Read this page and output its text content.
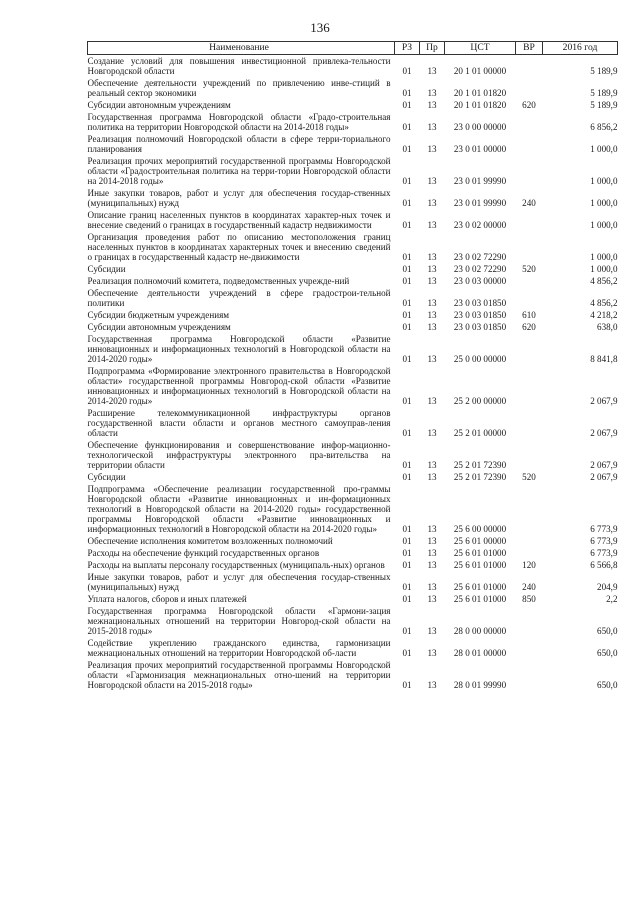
136
Наименование	РЗ	Пр	ЦСТ	ВР	2016 год

Создание условий для повышения инвестиционной привлека-тельности Новгородской области	01	13	20 1 01 00000		5 189,9

Обеспечение деятельности учреждений по привлечению инве-стиций в реальный сектор экономики	01	13	20 1 01 01820		5 189,9

Субсидии автономным учреждениям	01	13	20 1 01 01820	620	5 189,9

Государственная программа Новгородской области «Градо-строительная политика на территории Новгородской области на 2014-2018 годы»	01	13	23 0 00 00000		6 856,2

Реализация полномочий Новгородской области в сфере терри-ториального планирования	01	13	23 0 01 00000		1 000,0

Реализация прочих мероприятий государственной программы Новгородской области «Градостроительная политика на терри-тории Новгородской области на 2014-2018 годы»	01	13	23 0 01 99990		1 000,0

Иные закупки товаров, работ и услуг для обеспечения государ-ственных (муниципальных) нужд	01	13	23 0 01 99990	240	1 000,0

Описание границ населенных пунктов в координатах характер-ных точек и внесение сведений о границах в государственный кадастр недвижимости	01	13	23 0 02 00000		1 000,0

Организация проведения работ по описанию местоположения границ населенных пунктов в координатах характерных точек и внесению сведений о границах в государственный кадастр не-движимости	01	13	23 0 02 72290		1 000,0

Субсидии	01	13	23 0 02 72290	520	1 000,0

Реализация полномочий комитета, подведомственных учрежде-ний	01	13	23 0 03 00000		4 856,2

Обеспечение деятельности учреждений в сфере градострои-тельной политики	01	13	23 0 03 01850		4 856,2

Субсидии бюджетным учреждениям	01	13	23 0 03 01850	610	4 218,2

Субсидии автономным учреждениям	01	13	23 0 03 01850	620	638,0

Государственная программа Новгородской области «Развитие инновационных и информационных технологий в Новгородской области на 2014-2020 годы»	01	13	25 0 00 00000		8 841,8

Подпрограмма «Формирование электронного правительства в Новгородской области» государственной программы Новгород-ской области «Развитие инновационных и информационных технологий в Новгородской области на 2014-2020 годы»	01	13	25 2 00 00000		2 067,9

Расширение телекоммуникационной инфраструктуры органов государственной власти области и органов местного самоуправ-ления области	01	13	25 2 01 00000		2 067,9

Обеспечение функционирования и совершенствование инфор-мационно-технологической инфраструктуры электронного пра-вительства на территории области	01	13	25 2 01 72390		2 067,9

Субсидии	01	13	25 2 01 72390	520	2 067,9

Подпрограмма «Обеспечение реализации государственной про-граммы Новгородской области «Развитие инновационных и ин-формационных технологий в Новгородской области на 2014-2020 годы» государственной программы Новгородской области «Развитие инновационных и информационных технологий в Новгородской области на 2014-2020 годы»	01	13	25 6 00 00000		6 773,9

Обеспечение исполнения комитетом возложенных полномочий	01	13	25 6 01 00000		6 773,9

Расходы на обеспечение функций государственных органов	01	13	25 6 01 01000		6 773,9

Расходы на выплаты персоналу государственных (муниципаль-ных) органов	01	13	25 6 01 01000	120	6 566,8

Иные закупки товаров, работ и услуг для обеспечения государ-ственных (муниципальных) нужд	01	13	25 6 01 01000	240	204,9

Уплата налогов, сборов и иных платежей	01	13	25 6 01 01000	850	2,2

Государственная программа Новгородской области «Гармони-зация межнациональных отношений на территории Новгород-ской области на 2015-2018 годы»	01	13	28 0 00 00000		650,0

Содействие укреплению гражданского единства, гармонизации межнациональных отношений на территории Новгородской об-ласти	01	13	28 0 01 00000		650,0

Реализация прочих мероприятий государственной программы Новгородской области «Гармонизация межнациональных отно-шений на территории Новгородской области на 2015-2018 годы»	01	13	28 0 01 99990		650,0
